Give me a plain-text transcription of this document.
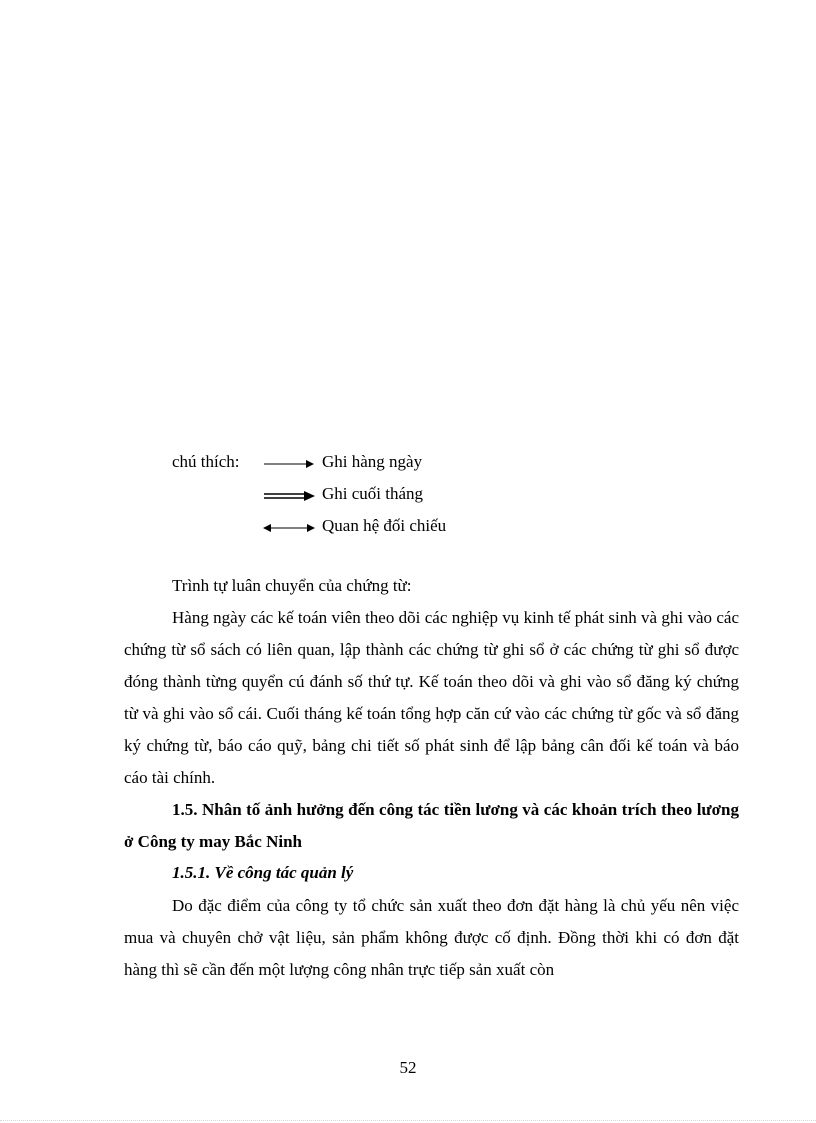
chú thích:	Ghi hàng ngày
Ghi cuối tháng
Quan hệ đối chiếu

Trình tự luân chuyển của chứng từ:

Hàng ngày các kế toán viên theo dõi các nghiệp vụ kinh tế phát sinh và ghi vào các chứng từ sổ sách có liên quan, lập thành các chứng từ ghi sổ ở các chứng từ ghi sổ được đóng thành từng quyển cú đánh số thứ tự. Kế toán theo dõi và ghi vào sổ đăng ký chứng từ và ghi vào sổ cái. Cuối tháng kế toán tổng hợp căn cứ vào các chứng từ gốc và sổ đăng ký chứng từ, báo cáo quỹ, bảng chi tiết số phát sinh để lập bảng cân đối kế toán và báo cáo tài chính.

1.5. Nhân tố ảnh hưởng đến công tác tiền lương và các khoản trích theo lương ở Công ty may Bắc Ninh

1.5.1. Về công tác quản lý

Do đặc điểm của công ty tổ chức sản xuất theo đơn đặt hàng là chủ yếu nên việc mua và chuyên chở vật liệu, sản phẩm không được cố định. Đồng thời khi có đơn đặt hàng thì sẽ cần đến một lượng công nhân trực tiếp sản xuất còn

52
